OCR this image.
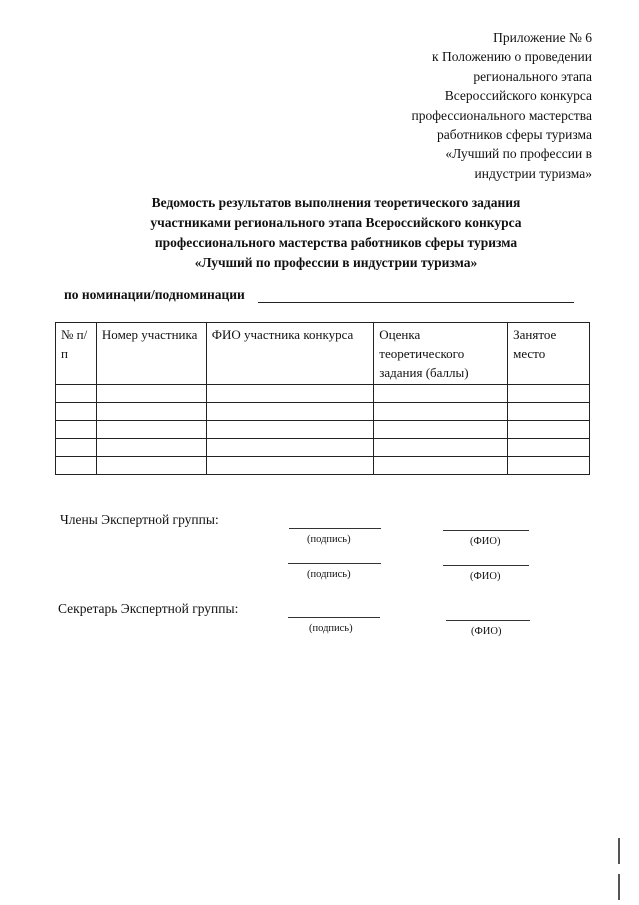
Приложение № 6
к Положению о проведении
регионального этапа
Всероссийского конкурса
профессионального мастерства
работников сферы туризма
«Лучший по профессии в
индустрии туризма»
Ведомость результатов выполнения теоретического задания
участниками регионального этапа Всероссийского конкурса
профессионального мастерства работников сферы туризма
«Лучший по профессии в индустрии туризма»
по номинации/подноминации
№ п/п	Номер участника	ФИО участника конкурса	Оценка теоретического задания (баллы)	Занятое место

Члены Экспертной группы:
(подпись)	(ФИО)
(подпись)	(ФИО)
Секретарь Экспертной группы:
(подпись)	(ФИО)
